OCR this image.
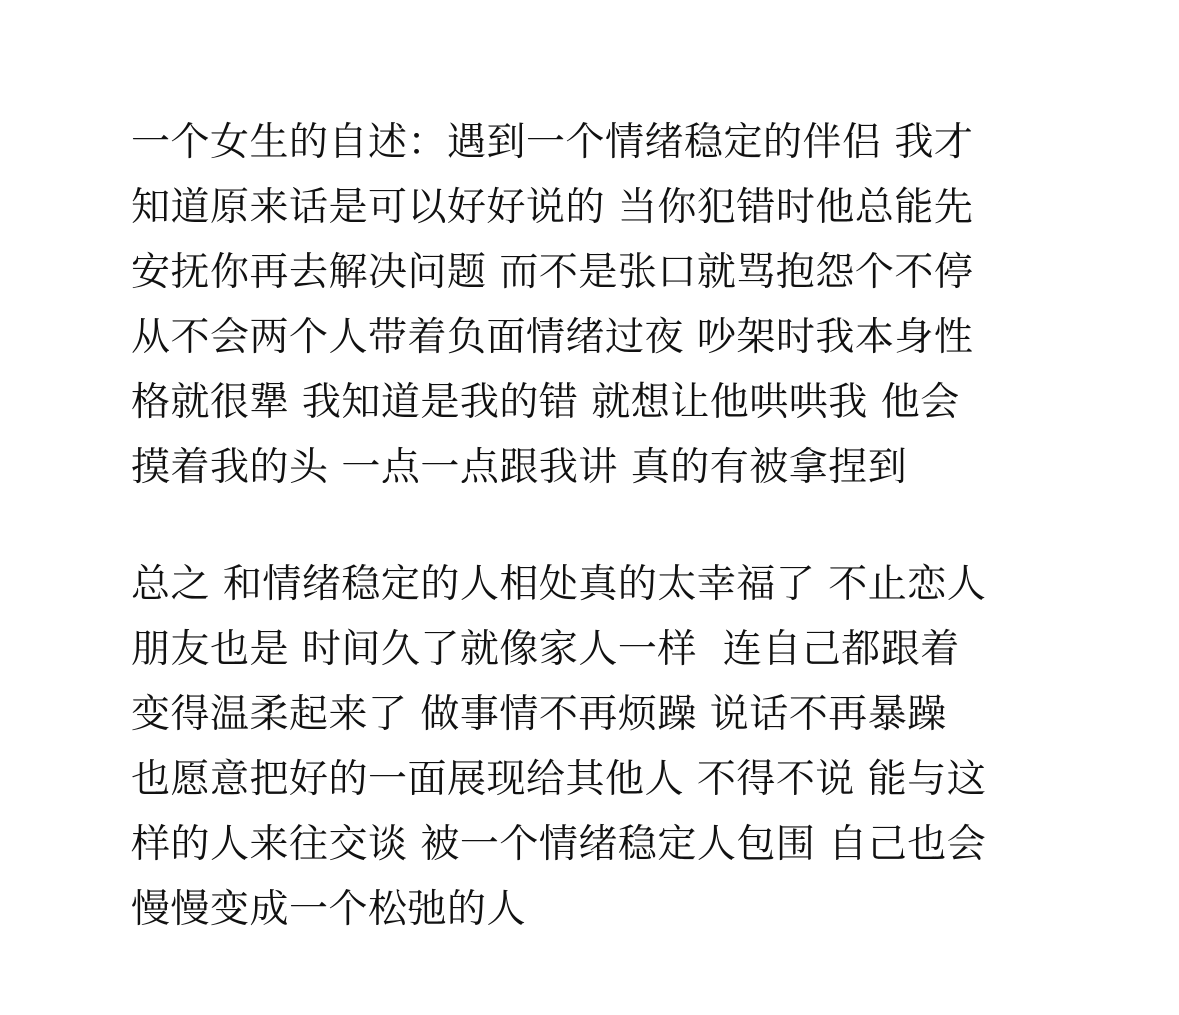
一个女生的自述：遇到一个情绪稳定的伴侣 我才
知道原来话是可以好好说的 当你犯错时他总能先
安抚你再去解决问题 而不是张口就骂抱怨个不停
从不会两个人带着负面情绪过夜 吵架时我本身性
格就很犟 我知道是我的错 就想让他哄哄我 他会
摸着我的头 一点一点跟我讲 真的有被拿捏到
总之 和情绪稳定的人相处真的太幸福了 不止恋人
朋友也是 时间久了就像家人一样  连自己都跟着
变得温柔起来了 做事情不再烦躁 说话不再暴躁
也愿意把好的一面展现给其他人 不得不说 能与这
样的人来往交谈 被一个情绪稳定人包围 自己也会
慢慢变成一个松弛的人
